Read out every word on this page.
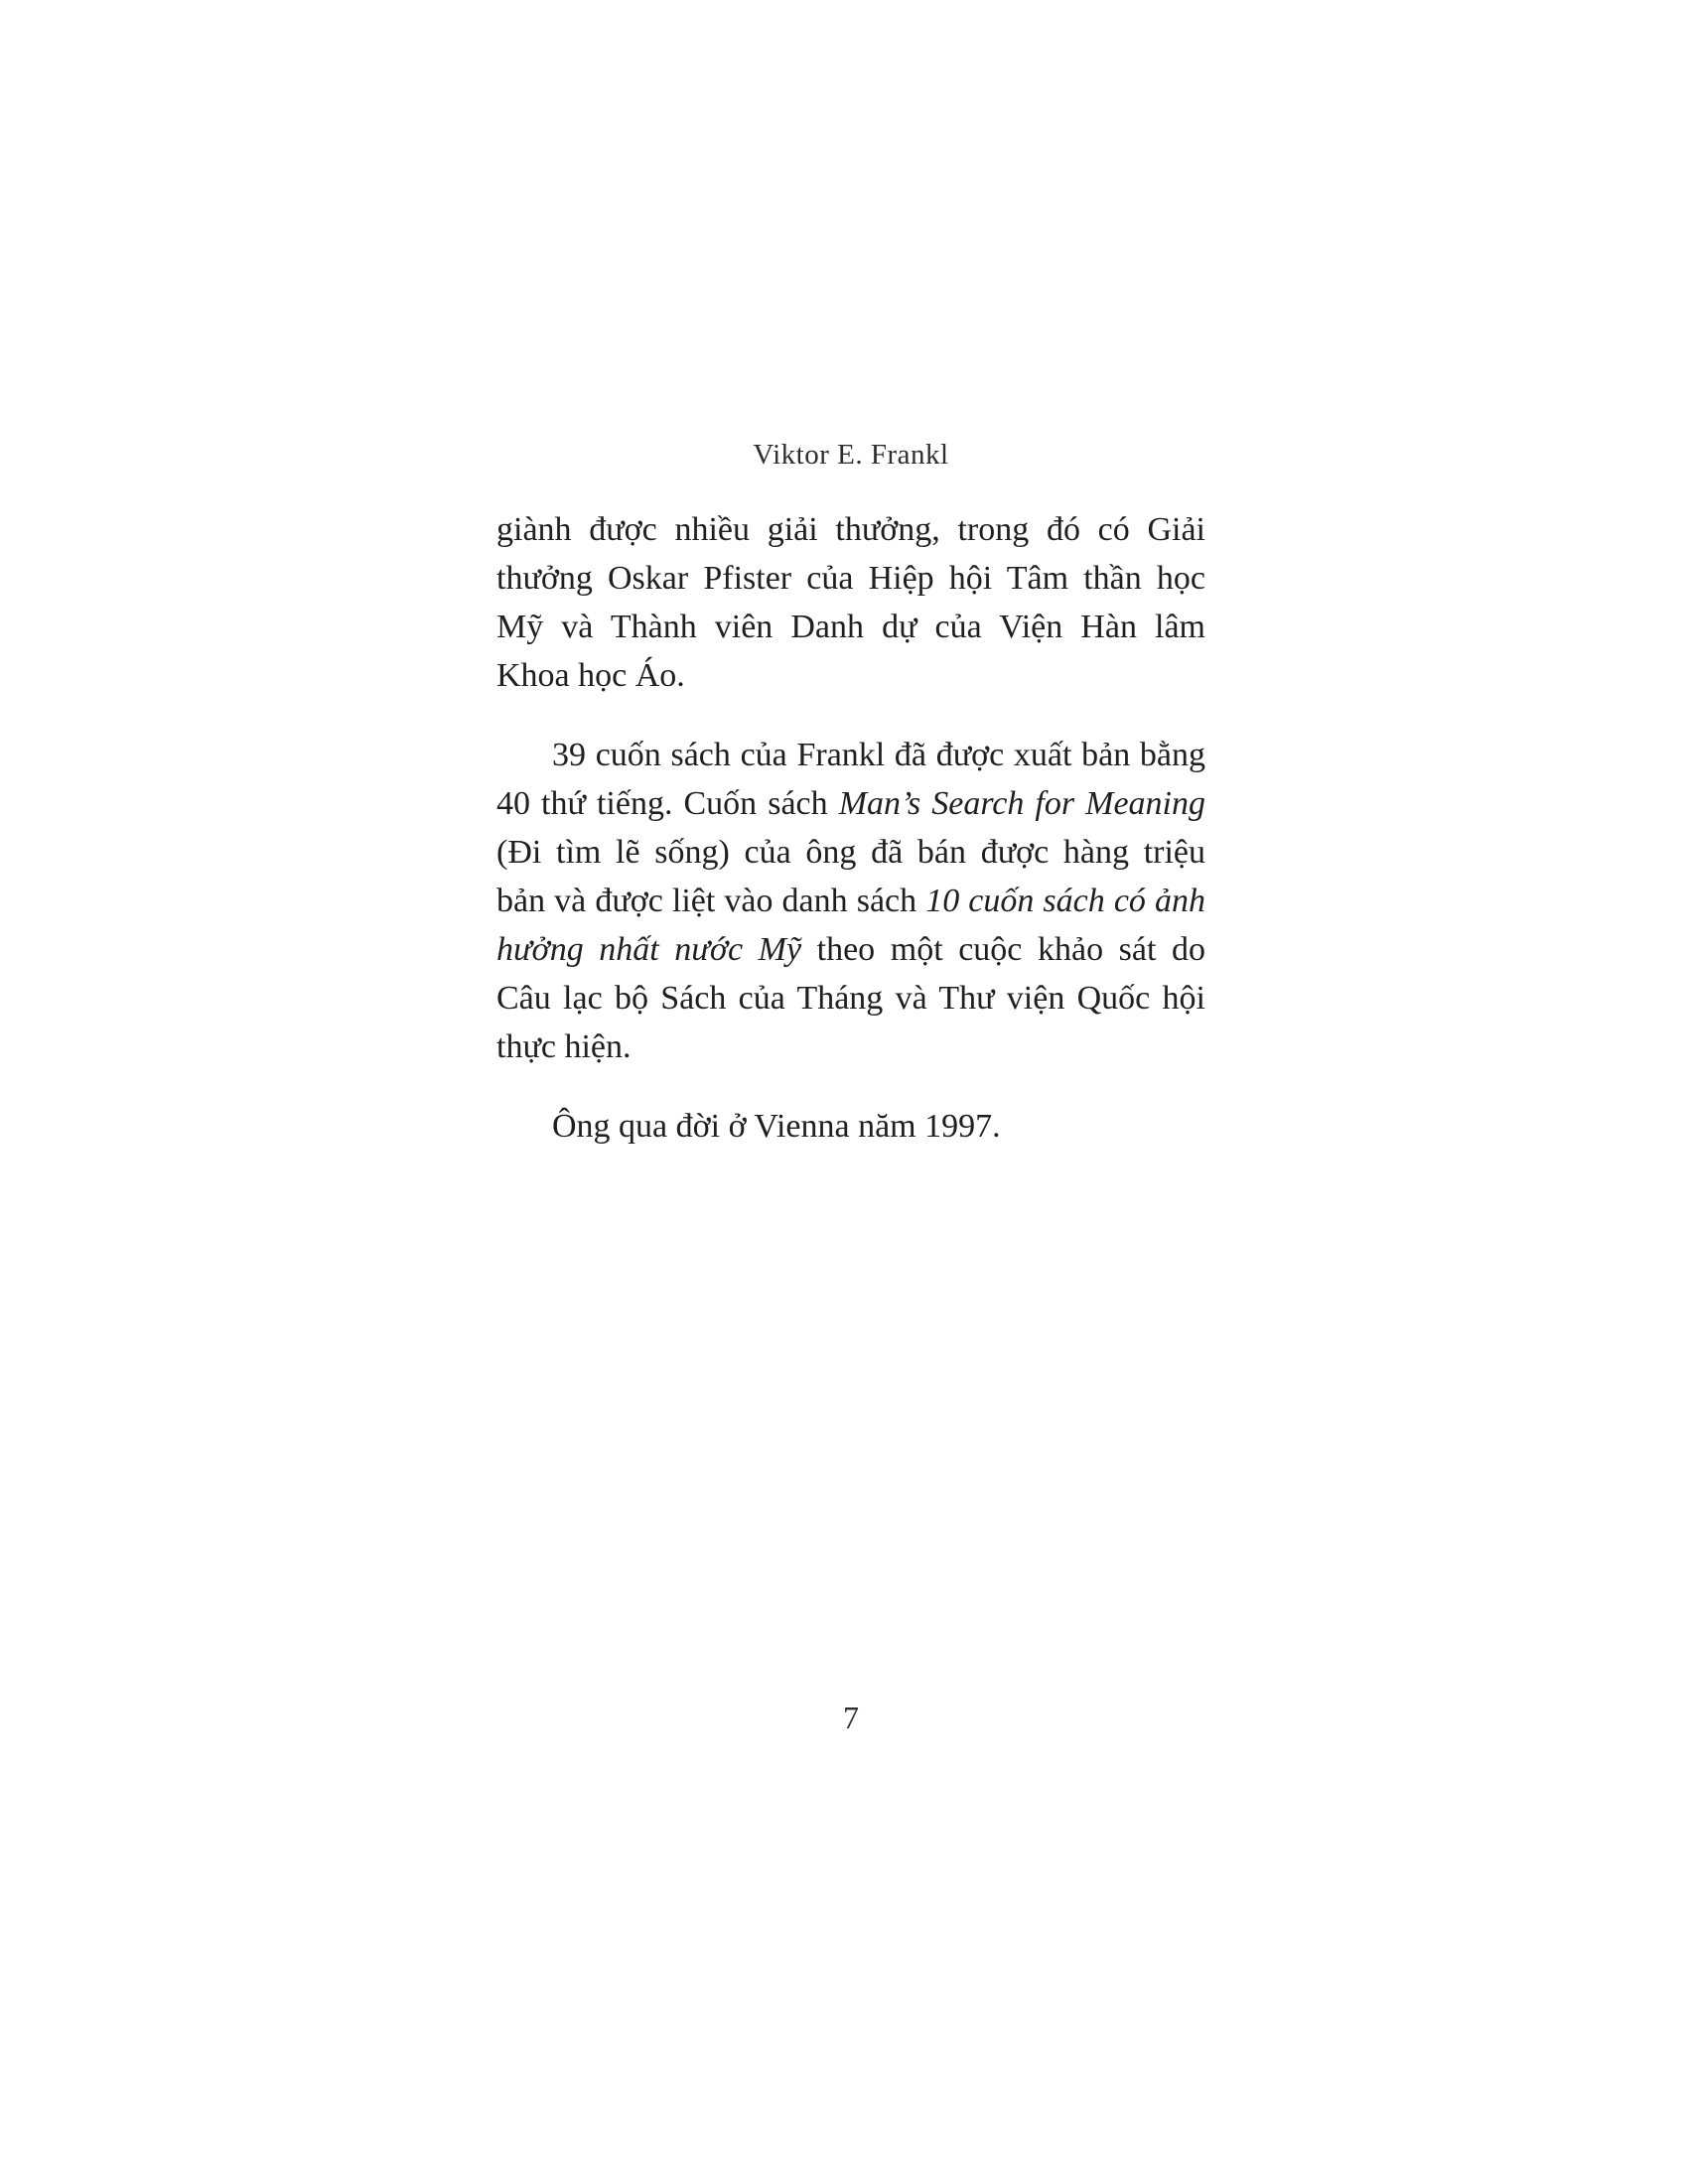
Viktor E. Frankl
giành được nhiều giải thưởng, trong đó có Giải
thưởng Oskar Pfister của Hiệp hội Tâm thần học
Mỹ và Thành viên Danh dự của Viện Hàn lâm
Khoa học Áo.
39 cuốn sách của Frankl đã được xuất bản bằng
40 thứ tiếng. Cuốn sách Man’s Search for Meaning
(Đi tìm lẽ sống) của ông đã bán được hàng triệu
bản và được liệt vào danh sách 10 cuốn sách có ảnh
hưởng nhất nước Mỹ theo một cuộc khảo sát do
Câu lạc bộ Sách của Tháng và Thư viện Quốc hội
thực hiện.
Ông qua đời ở Vienna năm 1997.
7
